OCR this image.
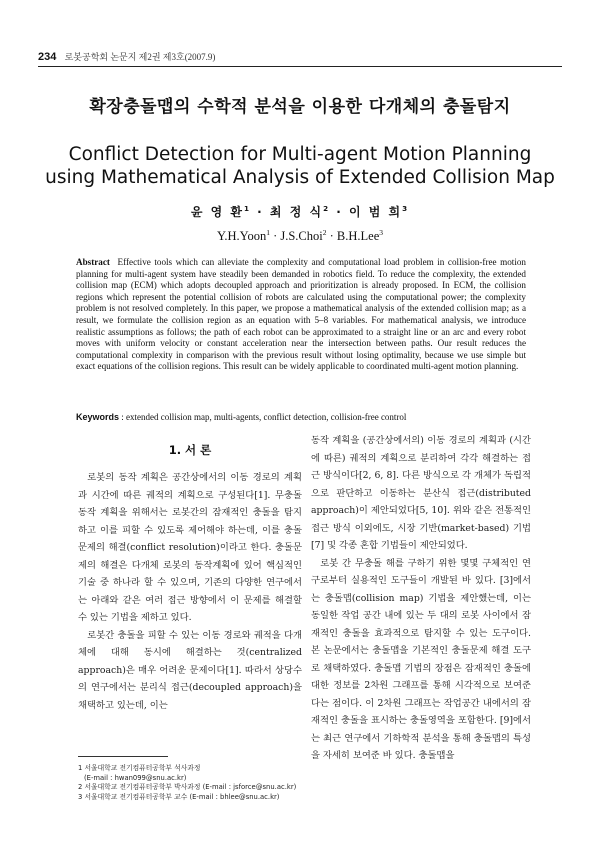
234 로봇공학회 논문지 제2권 제3호(2007.9)
확장충돌맵의 수학적 분석을 이용한 다개체의 충돌탐지
Conflict Detection for Multi-agent Motion Planning
using Mathematical Analysis of Extended Collision Map
윤 영 환$^1$ · 최 정 식$^2$ · 이 범 희$^3$
Y.H.Yoon$^1$ · J.S.Choi$^2$ · B.H.Lee$^3$
Abstract Effective tools which can alleviate the complexity and computational load problem in collision-free motion planning for multi-agent system have steadily been demanded in robotics field. To reduce the complexity, the extended collision map (ECM) which adopts decoupled approach and prioritization is already proposed. In ECM, the collision regions which represent the potential collision of robots are calculated using the computational power; the complexity problem is not resolved completely. In this paper, we propose a mathematical analysis of the extended collision map; as a result, we formulate the collision region as an equation with 5–8 variables. For mathematical analysis, we introduce realistic assumptions as follows; the path of each robot can be approximated to a straight line or an arc and every robot moves with uniform velocity or constant acceleration near the intersection between paths. Our result reduces the computational complexity in comparison with the previous result without losing optimality, because we use simple but exact equations of the collision regions. This result can be widely applicable to coordinated multi-agent motion planning.
Keywords : extended collision map, multi-agents, conflict detection, collision-free control
1. 서 론

로봇의 동작 계획은 공간상에서의 이동 경로의 계획과 시간에 따른 궤적의 계획으로 구성된다[1]. 무충돌 동작 계획을 위해서는 로봇간의 잠재적인 충돌을 탐지하고 이를 피할 수 있도록 제어해야 하는데, 이를 충돌문제의 해결(conflict resolution)이라고 한다. 충돌문제의 해결은 다개체 로봇의 동작계획에 있어 핵심적인 기술 중 하나라 할 수 있으며, 기존의 다양한 연구에서는 아래와 같은 여러 접근 방향에서 이 문제를 해결할 수 있는 기법을 제하고 있다.

로봇간 충돌을 피할 수 있는 이동 경로와 궤적을 다개체에 대해 동시에 해결하는 것(centralized approach)은 매우 어려운 문제이다[1]. 따라서 상당수의 연구에서는 분리식 접근(decoupled approach)을 채택하고 있는데, 이는

동작 계획을 (공간상에서의) 이동 경로의 계획과 (시간에 따른) 궤적의 계획으로 분리하여 각각 해결하는 접근 방식이다[2, 6, 8]. 다른 방식으로 각 개체가 독립적으로 판단하고 이동하는 분산식 접근(distributed approach)이 제안되었다[5, 10]. 위와 같은 전통적인 접근 방식 이외에도, 시장 기반(market-based) 기법[7] 및 각종 혼합 기법들이 제안되었다.

로봇 간 무충돌 해를 구하기 위한 몇몇 구체적인 연구로부터 실용적인 도구들이 개발된 바 있다. [3]에서는 충돌맵(collision map) 기법을 제안했는데, 이는 동일한 작업 공간 내에 있는 두 대의 로봇 사이에서 잠재적인 충돌을 효과적으로 탐지할 수 있는 도구이다. 본 논문에서는 충돌맵을 기본적인 충돌문제 해결 도구로 채택하였다. 충돌맵 기법의 장점은 잠재적인 충돌에 대한 정보를 2차원 그래프를 통해 시각적으로 보여준다는 점이다. 이 2차원 그래프는 작업공간 내에서의 잠재적인 충돌을 표시하는 충돌영역을 포함한다. [9]에서는 최근 연구에서 기하학적 분석을 통해 충돌맵의 특성을 자세히 보여준 바 있다. 충돌맵을

1 서울대학교 전기컴퓨터공학부 석사과정
(E-mail : hwan099@snu.ac.kr)
2 서울대학교 전기컴퓨터공학부 박사과정 (E-mail : jsforce@snu.ac.kr)
3 서울대학교 전기컴퓨터공학부 교수 (E-mail : bhlee@snu.ac.kr)
